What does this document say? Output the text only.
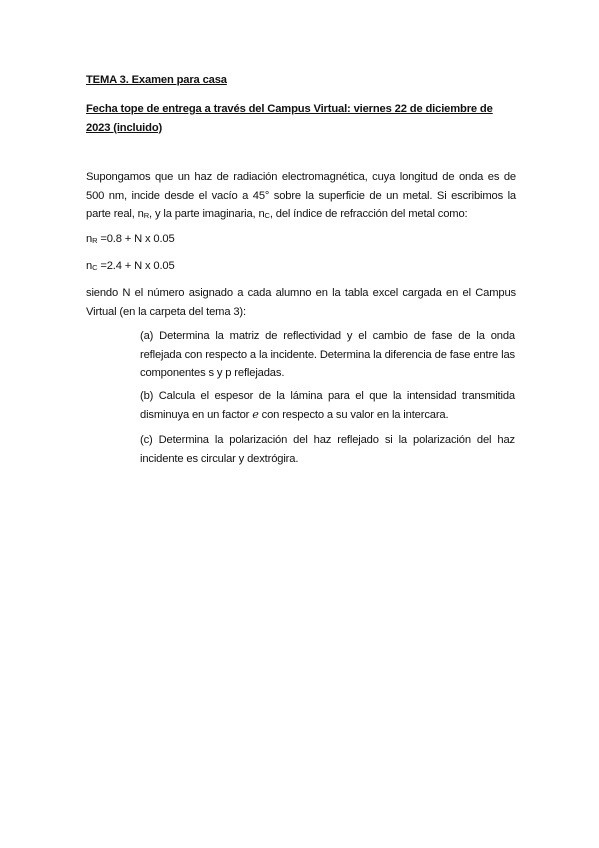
TEMA 3. Examen para casa
Fecha tope de entrega a través del Campus Virtual: viernes 22 de diciembre de 2023 (incluido)
Supongamos que un haz de radiación electromagnética, cuya longitud de onda es de 500 nm, incide desde el vacío a 45° sobre la superficie de un metal. Si escribimos la parte real, nR, y la parte imaginaria, nC, del índice de refracción del metal como:
nR =0.8 + N x 0.05
nC =2.4 + N x 0.05
siendo N el número asignado a cada alumno en la tabla excel cargada en el Campus Virtual (en la carpeta del tema 3):
(a) Determina la matriz de reflectividad y el cambio de fase de la onda reflejada con respecto a la incidente. Determina la diferencia de fase entre las componentes s y p reflejadas.
(b) Calcula el espesor de la lámina para el que la intensidad transmitida disminuya en un factor e con respecto a su valor en la intercara.
(c) Determina la polarización del haz reflejado si la polarización del haz incidente es circular y dextrógira.
